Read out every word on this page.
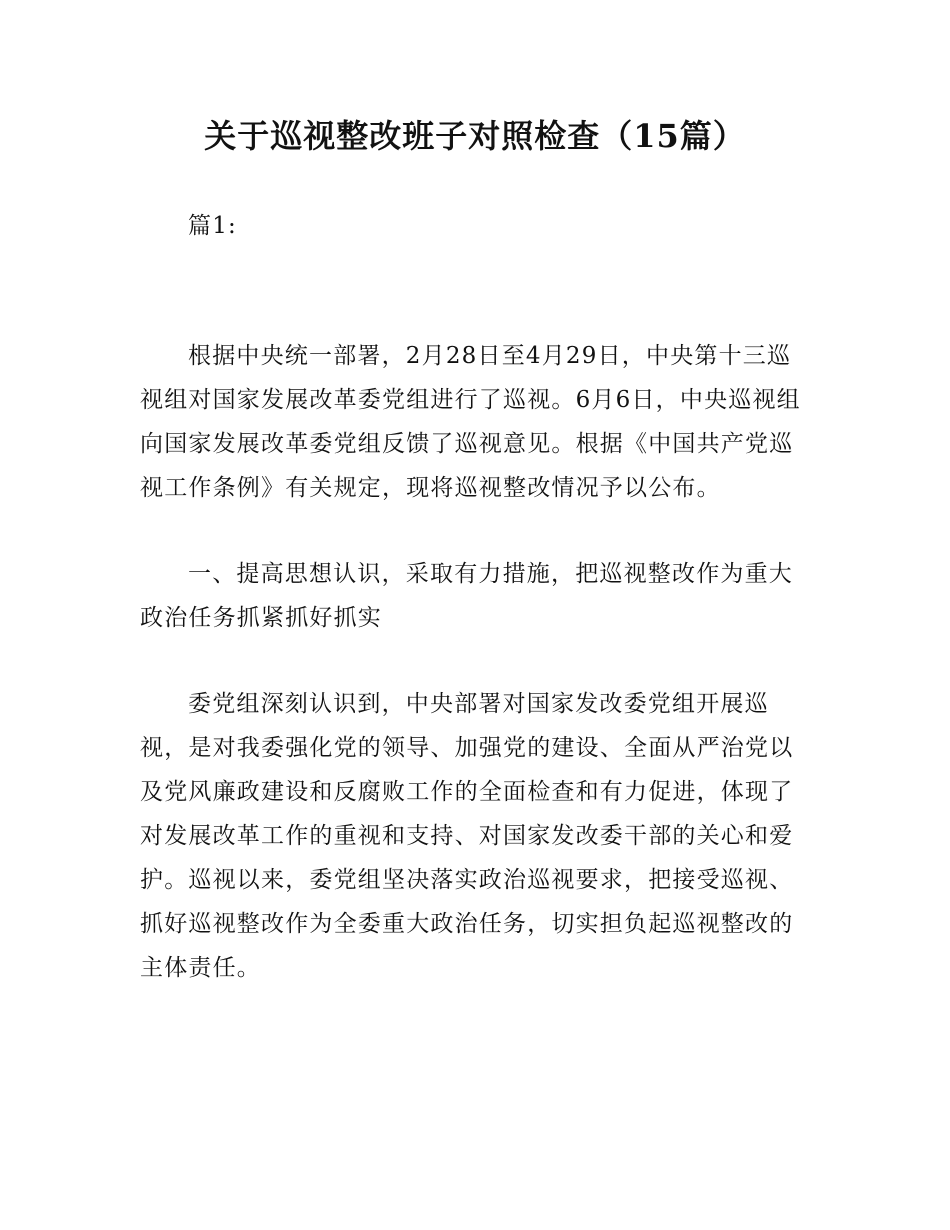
关于巡视整改班子对照检查（15篇）

篇1:

根据中央统一部署，2月28日至4月29日，中央第十三巡视组对国家发展改革委党组进行了巡视。6月6日，中央巡视组向国家发展改革委党组反馈了巡视意见。根据《中国共产党巡视工作条例》有关规定，现将巡视整改情况予以公布。

一、提高思想认识，采取有力措施，把巡视整改作为重大政治任务抓紧抓好抓实

委党组深刻认识到，中央部署对国家发改委党组开展巡视，是对我委强化党的领导、加强党的建设、全面从严治党以及党风廉政建设和反腐败工作的全面检查和有力促进，体现了对发展改革工作的重视和支持、对国家发改委干部的关心和爱护。巡视以来，委党组坚决落实政治巡视要求，把接受巡视、抓好巡视整改作为全委重大政治任务，切实担负起巡视整改的主体责任。
